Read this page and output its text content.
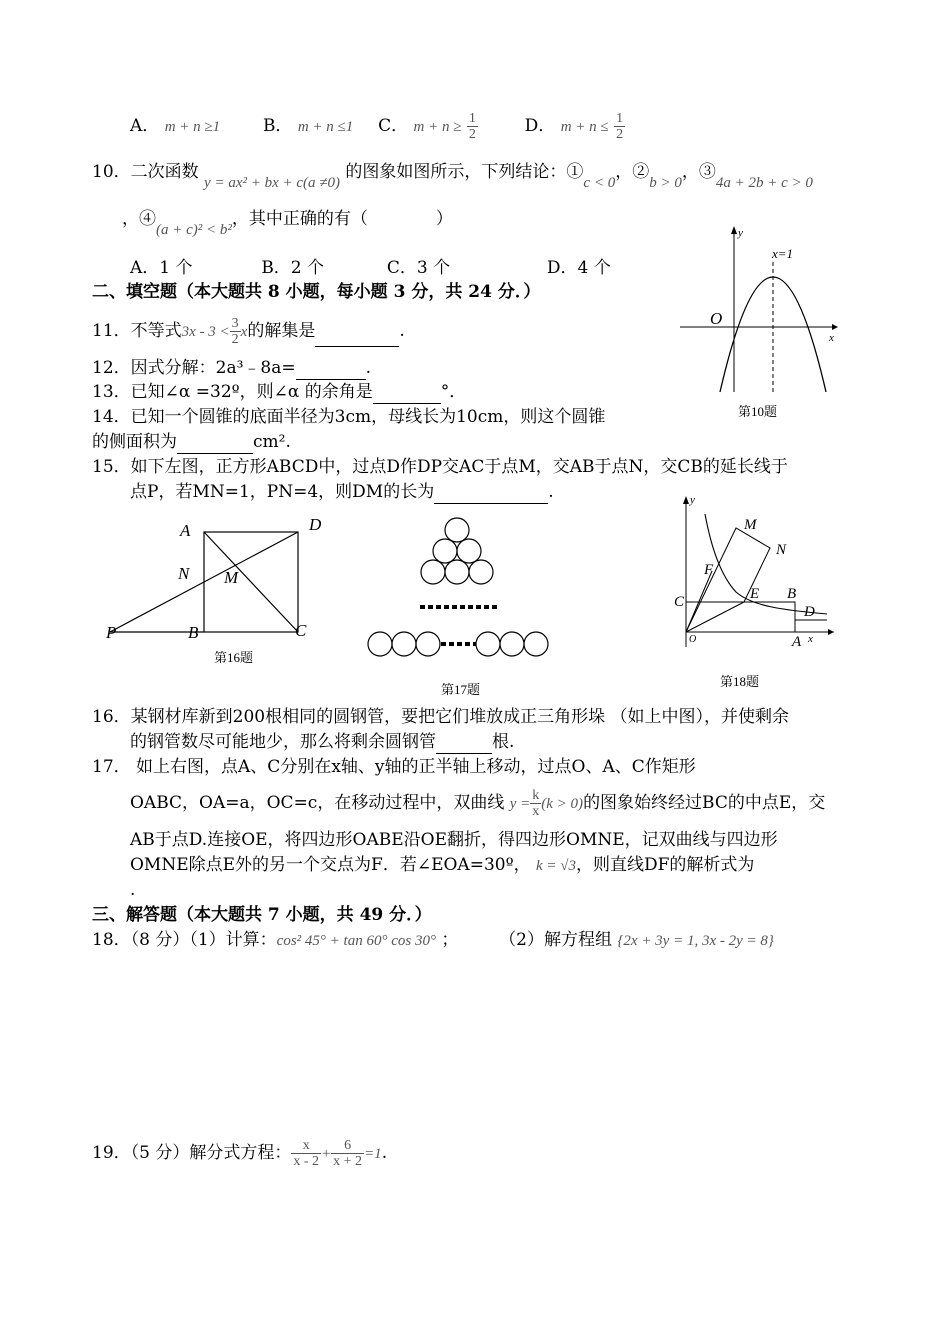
A． m + n ≥1	B． m + n ≤1 C． $m + n \ge \frac{1}{2}$	D． $m + n \le \frac{1}{2}$
10．二次函数 y = ax² + bx + c(a ≠0) 的图象如图所示，下列结论：①c < 0，②b > 0，③4a + 2b + c > 0
，④(a + c)² < b²，其中正确的有（　　　　）
A．1 个	B．2 个	C．3 个	D．4 个
y
x
O
x=1
第10题
二、填空题（本大题共 8 小题，每小题 3 分，共 24 分．）
11．不等式$3x - 3 < \frac{3}{2}$ x的解集是	.
12．因式分解：2a³﹣8a=	.
13．已知∠α =32º，则∠α 的余角是	°．
14．已知一个圆锥的底面半径为3cm，母线长为10cm，则这个圆锥
的侧面积为	cm².
15．如下左图，正方形ABCD中，过点D作DP交AC于点M，交AB于点N，交CB的延长线于
点P，若MN=1，PN=4，则DM的长为	.
A	D
N M
P	B	C
第16题
第17题
y
x
O
M
N
F
C	E B
D
A
第18题
16．某钢材库新到200根相同的圆钢管，要把它们堆放成正三角形垛 （如上中图），并使剩余
的钢管数尽可能地少，那么将剩余圆钢管	根.
17． 如上右图，点A、C分别在x轴、y轴的正半轴上移动，过点O、A、C作矩形
OABC，OA=a，OC=c，在移动过程中，双曲线 $y = \frac{k}{x} (k > 0)$的图象始终经过BC的中点E，交
AB于点D.连接OE，将四边形OABE沿OE翻折，得四边形OMNE，记双曲线与四边形
OMNE除点E外的另一个交点为F．若∠EOA=30º， k = √3，则直线DF的解析式为
.
三、解答题（本大题共 7 小题，共 49 分．）
18．（8 分）（1）计算：cos² 45° + tan 60° cos 30° ； （2）解方程组 {2x + 3y = 1, 3x - 2y = 8}
19．（5 分）解分式方程： $\frac{x}{x - 2} + \frac{6}{x + 2} =1$.
